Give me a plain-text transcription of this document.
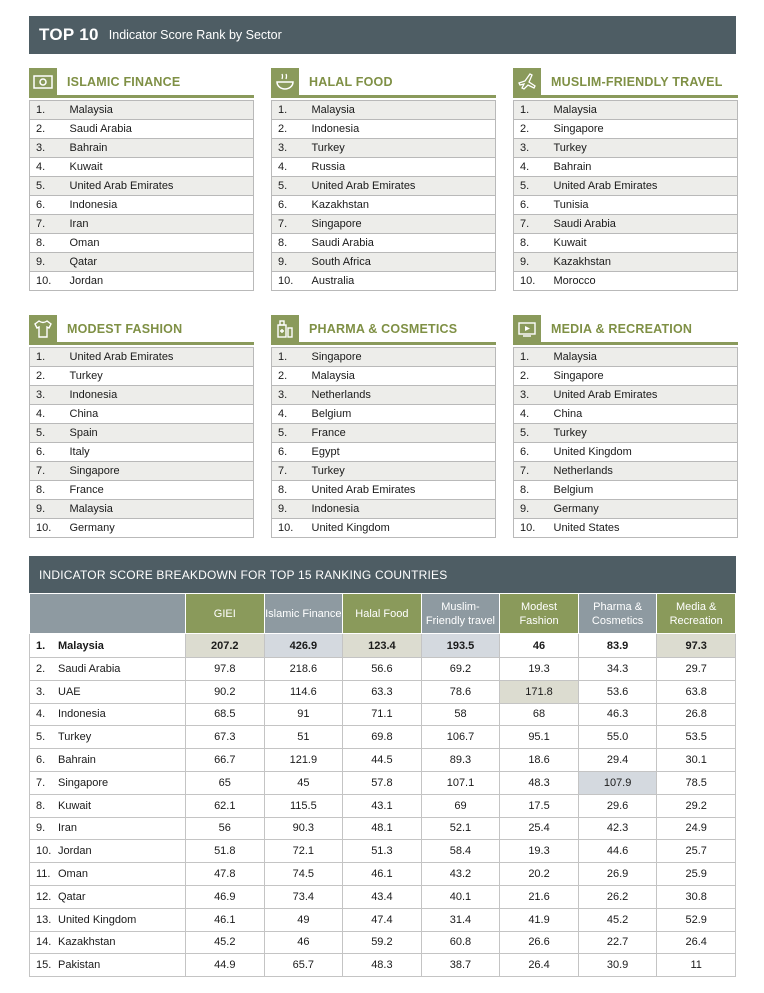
TOP 10 Indicator Score Rank by Sector
ISLAMIC FINANCE
1.	Malaysia
2.	Saudi Arabia
3.	Bahrain
4.	Kuwait
5.	United Arab Emirates
6.	Indonesia
7.	Iran
8.	Oman
9.	Qatar
10.	Jordan
HALAL FOOD
1.	Malaysia
2.	Indonesia
3.	Turkey
4.	Russia
5.	United Arab Emirates
6.	Kazakhstan
7.	Singapore
8.	Saudi Arabia
9.	South Africa
10.	Australia
MUSLIM-FRIENDLY TRAVEL
1.	Malaysia
2.	Singapore
3.	Turkey
4.	Bahrain
5.	United Arab Emirates
6.	Tunisia
7.	Saudi Arabia
8.	Kuwait
9.	Kazakhstan
10.	Morocco
MODEST FASHION
1.	United Arab Emirates
2.	Turkey
3.	Indonesia
4.	China
5.	Spain
6.	Italy
7.	Singapore
8.	France
9.	Malaysia
10.	Germany
PHARMA & COSMETICS
1.	Singapore
2.	Malaysia
3.	Netherlands
4.	Belgium
5.	France
6.	Egypt
7.	Turkey
8.	United Arab Emirates
9.	Indonesia
10.	United Kingdom
MEDIA & RECREATION
1.	Malaysia
2.	Singapore
3.	United Arab Emirates
4.	China
5.	Turkey
6.	United Kingdom
7.	Netherlands
8.	Belgium
9.	Germany
10.	United States
INDICATOR SCORE BREAKDOWN FOR TOP 15 RANKING COUNTRIES
	GIEI	Islamic Finance	Halal Food	Muslim- Friendly travel	Modest Fashion	Pharma & Cosmetics	Media & Recreation
1. Malaysia	207.2	426.9	123.4	193.5	46	83.9	97.3
2. Saudi Arabia	97.8	218.6	56.6	69.2	19.3	34.3	29.7
3. UAE	90.2	114.6	63.3	78.6	171.8	53.6	63.8
4. Indonesia	68.5	91	71.1	58	68	46.3	26.8
5. Turkey	67.3	51	69.8	106.7	95.1	55.0	53.5
6. Bahrain	66.7	121.9	44.5	89.3	18.6	29.4	30.1
7. Singapore	65	45	57.8	107.1	48.3	107.9	78.5
8. Kuwait	62.1	115.5	43.1	69	17.5	29.6	29.2
9. Iran	56	90.3	48.1	52.1	25.4	42.3	24.9
10. Jordan	51.8	72.1	51.3	58.4	19.3	44.6	25.7
11. Oman	47.8	74.5	46.1	43.2	20.2	26.9	25.9
12. Qatar	46.9	73.4	43.4	40.1	21.6	26.2	30.8
13. United Kingdom	46.1	49	47.4	31.4	41.9	45.2	52.9
14. Kazakhstan	45.2	46	59.2	60.8	26.6	22.7	26.4
15. Pakistan	44.9	65.7	48.3	38.7	26.4	30.9	11
